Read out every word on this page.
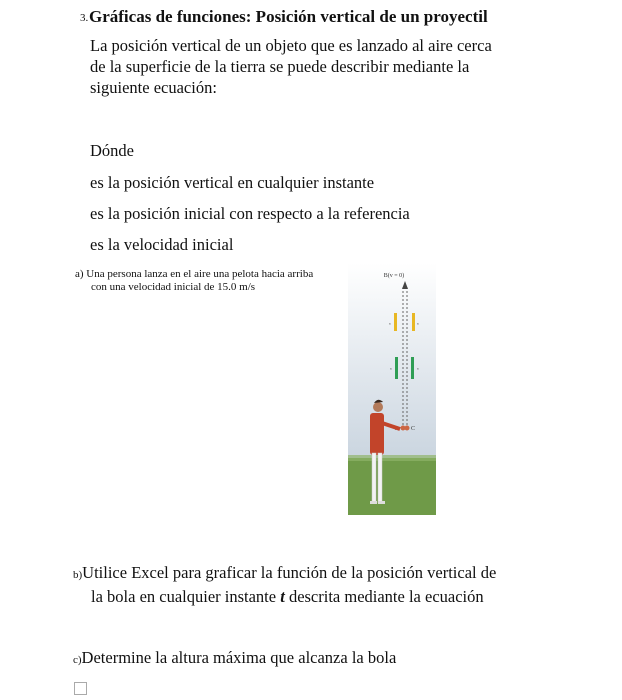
3. Gráficas de funciones: Posición vertical de un proyectil
La posición vertical de un objeto que es lanzado al aire cerca
de la superficie de la tierra se puede describir mediante la
siguiente ecuación:
Dónde
es la posición vertical en cualquier instante
es la posición inicial con respecto a la referencia
es la velocidad inicial
a) Una persona lanza en el aire una pelota hacia arriba
con una velocidad inicial de 15.0 m/s
B(v = 0)
v	v
v	v
C
b)Utilice Excel para graficar la función de la posición vertical de
la bola en cualquier instante t descrita mediante la ecuación
c)Determine la altura máxima que alcanza la bola
